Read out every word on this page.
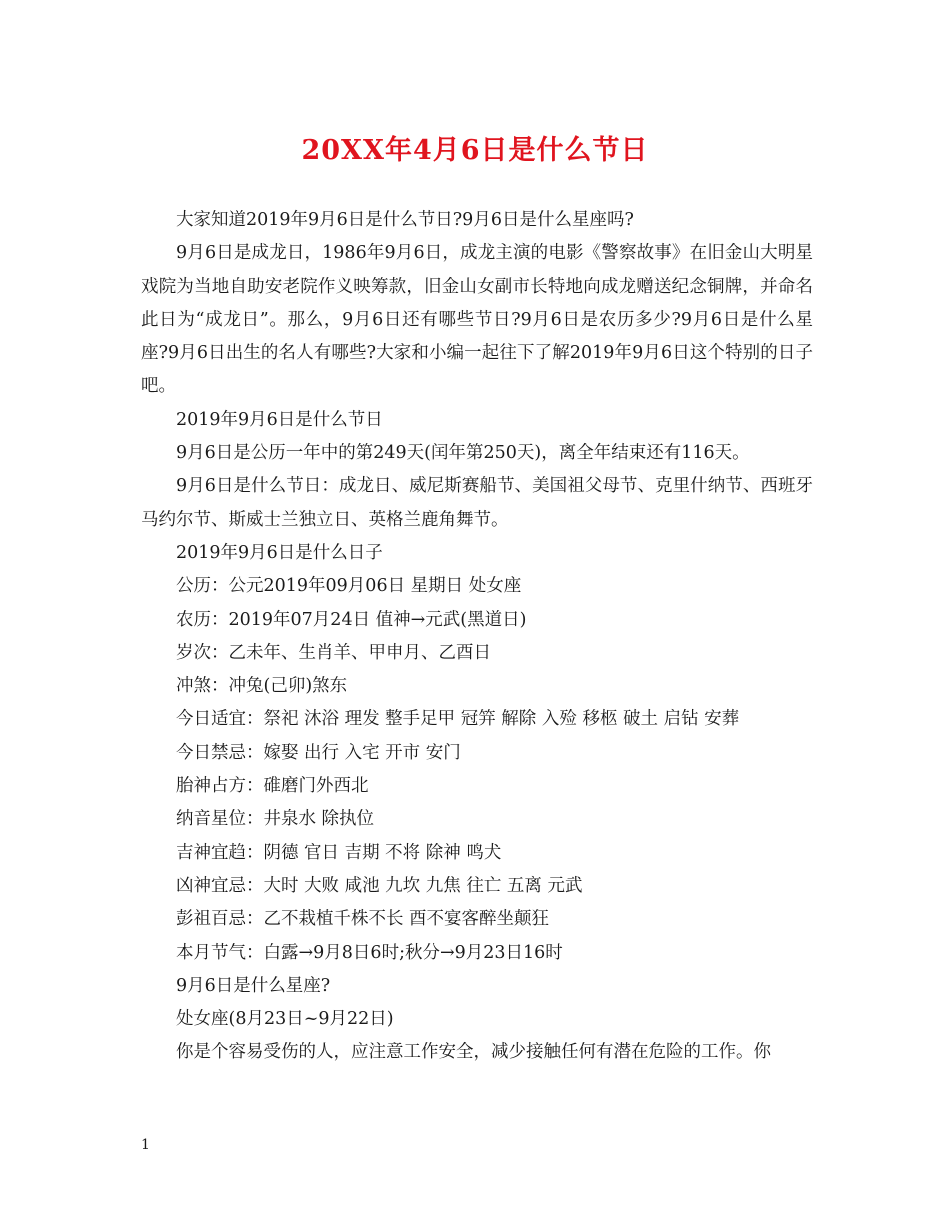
20XX年4月6日是什么节日

大家知道2019年9月6日是什么节日?9月6日是什么星座吗?

9月6日是成龙日，1986年9月6日，成龙主演的电影《警察故事》在旧金山大明星戏院为当地自助安老院作义映筹款，旧金山女副市长特地向成龙赠送纪念铜牌，并命名此日为“成龙日”。那么，9月6日还有哪些节日?9月6日是农历多少?9月6日是什么星座?9月6日出生的名人有哪些?大家和小编一起往下了解2019年9月6日这个特别的日子吧。

2019年9月6日是什么节日

9月6日是公历一年中的第249天(闰年第250天)，离全年结束还有116天。

9月6日是什么节日：成龙日、威尼斯赛船节、美国祖父母节、克里什纳节、西班牙马约尔节、斯威士兰独立日、英格兰鹿角舞节。

2019年9月6日是什么日子

公历：公元2019年09月06日 星期日 处女座

农历：2019年07月24日 值神→元武(黑道日)

岁次：乙未年、生肖羊、甲申月、乙酉日

冲煞：冲兔(己卯)煞东

今日适宜：祭祀 沐浴 理发 整手足甲 冠笄 解除 入殓 移柩 破土 启钻 安葬

今日禁忌：嫁娶 出行 入宅 开市 安门

胎神占方：碓磨门外西北

纳音星位：井泉水 除执位

吉神宜趋：阴德 官日 吉期 不将 除神 鸣犬

凶神宜忌：大时 大败 咸池 九坎 九焦 往亡 五离 元武

彭祖百忌：乙不栽植千株不长 酉不宴客醉坐颠狂

本月节气：白露→9月8日6时;秋分→9月23日16时

9月6日是什么星座?

处女座(8月23日~9月22日)

你是个容易受伤的人，应注意工作安全，减少接触任何有潜在危险的工作。你

1
